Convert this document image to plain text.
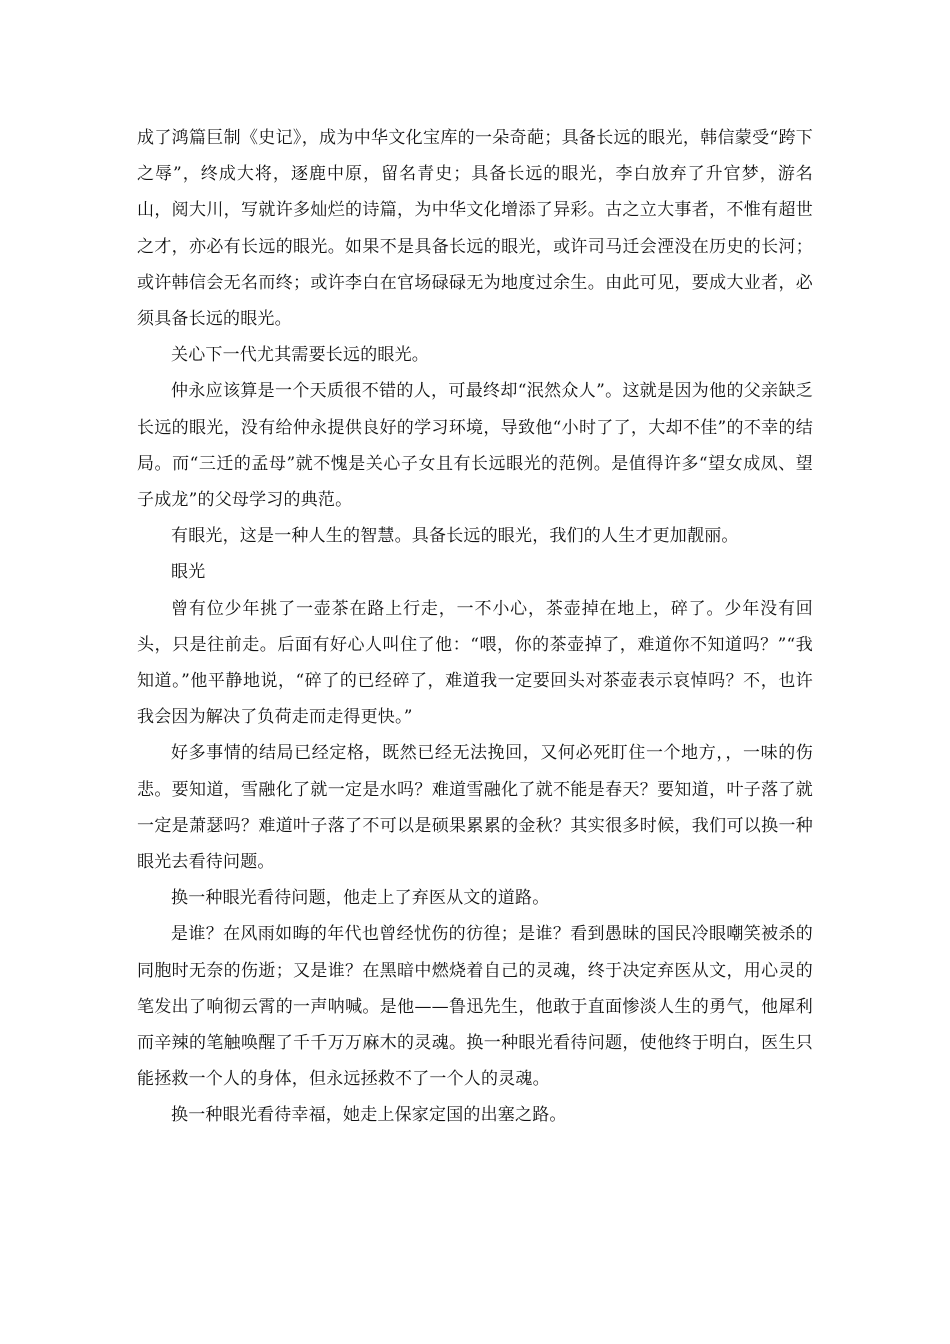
成了鸿篇巨制《史记》，成为中华文化宝库的一朵奇葩；具备长远的眼光，韩信蒙受“跨下之辱”，终成大将，逐鹿中原，留名青史；具备长远的眼光，李白放弃了升官梦，游名山，阅大川，写就许多灿烂的诗篇，为中华文化增添了异彩。古之立大事者，不惟有超世之才，亦必有长远的眼光。如果不是具备长远的眼光，或许司马迁会湮没在历史的长河；或许韩信会无名而终；或许李白在官场碌碌无为地度过余生。由此可见，要成大业者，必须具备长远的眼光。

关心下一代尤其需要长远的眼光。

仲永应该算是一个天质很不错的人，可最终却“泯然众人”。这就是因为他的父亲缺乏长远的眼光，没有给仲永提供良好的学习环境，导致他“小时了了，大却不佳”的不幸的结局。而“三迁的孟母”就不愧是关心子女且有长远眼光的范例。是值得许多“望女成凤、望子成龙”的父母学习的典范。

有眼光，这是一种人生的智慧。具备长远的眼光，我们的人生才更加靓丽。

眼光

曾有位少年挑了一壶茶在路上行走，一不小心，茶壶掉在地上，碎了。少年没有回头，只是往前走。后面有好心人叫住了他：“喂，你的茶壶掉了，难道你不知道吗？”“我知道。”他平静地说，“碎了的已经碎了，难道我一定要回头对茶壶表示哀悼吗？不，也许我会因为解决了负荷走而走得更快。”

好多事情的结局已经定格，既然已经无法挽回，又何必死盯住一个地方，，一味的伤悲。要知道，雪融化了就一定是水吗？难道雪融化了就不能是春天？要知道，叶子落了就一定是萧瑟吗？难道叶子落了不可以是硕果累累的金秋？其实很多时候，我们可以换一种眼光去看待问题。

换一种眼光看待问题，他走上了弃医从文的道路。

是谁？在风雨如晦的年代也曾经忧伤的彷徨；是谁？看到愚昧的国民冷眼嘲笑被杀的同胞时无奈的伤逝；又是谁？在黑暗中燃烧着自己的灵魂，终于决定弃医从文，用心灵的笔发出了响彻云霄的一声呐喊。是他——鲁迅先生，他敢于直面惨淡人生的勇气，他犀利而辛辣的笔触唤醒了千千万万麻木的灵魂。换一种眼光看待问题，使他终于明白，医生只能拯救一个人的身体，但永远拯救不了一个人的灵魂。

换一种眼光看待幸福，她走上保家定国的出塞之路。
